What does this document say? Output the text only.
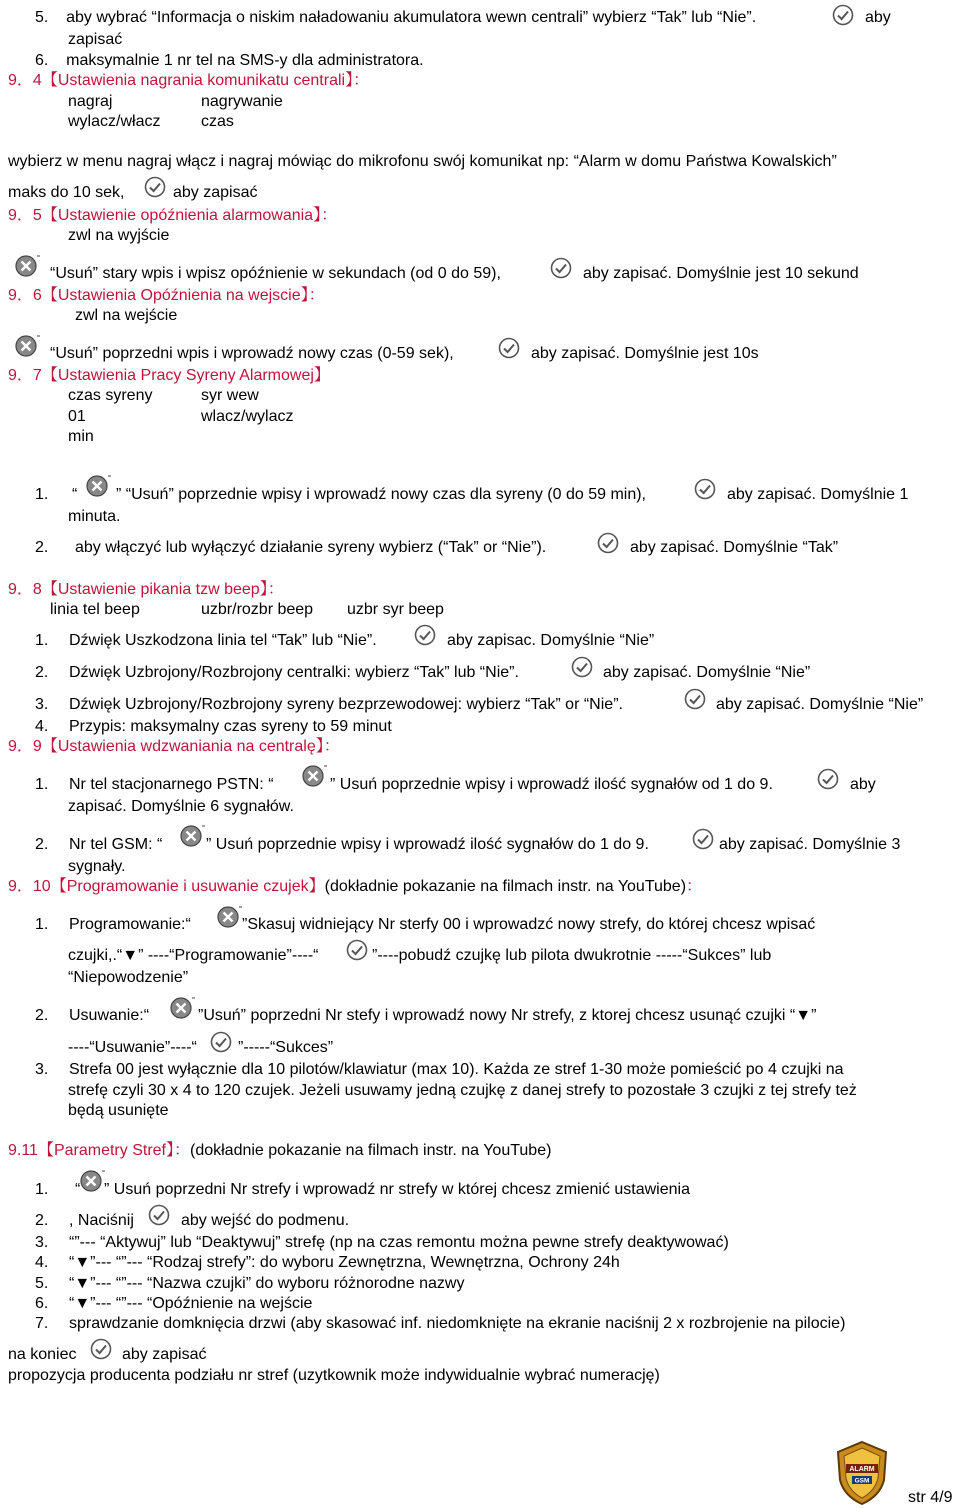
5. aby wybrać “Informacja o niskim naładowaniu akumulatora wewn centrali” wybierz “Tak” lub “Nie”.	aby
zapisać
6. maksymalnie 1 nr tel na SMS-y dla administratora.
9．4【Ustawienia nagrania komunikatu centrali】：
nagraj	nagrywanie
wylacz/włacz	czas
wybierz w menu nagraj włącz i nagraj mówiąc do mikrofonu swój komunikat np: “Alarm w domu Państwa Kowalskich”
maks do 10 sek,	aby zapisać
9．5【Ustawienie opóźnienia alarmowania】：
zwl na wyjście
“Usuń” stary wpis i wpisz opóźnienie w sekundach (od 0 do 59),	aby zapisać. Domyślnie jest 10 sekund
9．6【Ustawienia Opóźnienia na wejscie】：
zwl na wejście
“Usuń” poprzedni wpis i wprowadź nowy czas (0-59 sek),	aby zapisać. Domyślnie jest 10s
9．7【Ustawienia Pracy Syreny Alarmowej】
czas syreny	syr wew
01	wlacz/wylacz
min
1. “ ” “Usuń” poprzednie wpisy i wprowadź nowy czas dla syreny (0 do 59 min),	aby zapisać. Domyślnie 1
minuta.
2. aby włączyć lub wyłączyć działanie syreny wybierz (“Tak” or “Nie”).	aby zapisać. Domyślnie “Tak”
9．8【Ustawienie pikania tzw beep】：
linia tel beep	uzbr/rozbr beep uzbr syr beep
1. Dźwięk Uszkodzona linia tel “Tak” lub “Nie”.	aby zapisac. Domyślnie “Nie”
2. Dźwięk Uzbrojony/Rozbrojony centralki: wybierz “Tak” lub “Nie”.	aby zapisać. Domyślnie “Nie”
3. Dźwięk Uzbrojony/Rozbrojony syreny bezprzewodowej: wybierz “Tak” or “Nie”.	aby zapisać. Domyślnie “Nie”
4. Przypis: maksymalny czas syreny to 59 minut
9．9【Ustawienia wdzwaniania na centralę】：
1. Nr tel stacjonarnego PSTN: “	” Usuń poprzednie wpisy i wprowadź ilość sygnałów od 1 do 9.	aby
zapisać. Domyślnie 6 sygnałów.
2. Nr tel GSM: “	” Usuń poprzednie wpisy i wprowadź ilość sygnałów do 1 do 9.	aby zapisać. Domyślnie 3
sygnały.
9．10【Programowanie i usuwanie czujek】(dokładnie pokazanie na filmach instr. na YouTube)：
1. Programowanie:“	”Skasuj widniejący Nr sterfy 00 i wprowadzć nowy strefy, do której chcesz wpisać
czujki,.“▼” ----“Programowanie”----“	”----pobudź czujkę lub pilota dwukrotnie -----“Sukces” lub
“Niepowodzenie”
2. Usuwanie:“	”Usuń” poprzedni Nr stefy i wprowadź nowy Nr strefy, z ktorej chcesz usunąć czujki “▼”
----“Usuwanie”----“	”-----“Sukces”
3. Strefa 00 jest wyłącznie dla 10 pilotów/klawiatur (max 10). Każda ze stref 1-30 może pomieścić po 4 czujki na
strefę czyli 30 x 4 to 120 czujek. Jeżeli usuwamy jedną czujkę z danej strefy to pozostałe 3 czujki z tej strefy też
będą usunięte
9.11【Parametry Stref】：(dokładnie pokazanie na filmach instr. na YouTube)
1. “ ” Usuń poprzedni Nr strefy i wprowadź nr strefy w której chcesz zmienić ustawienia
2. , Naciśnij	aby wejść do podmenu.
3. “”--- “Aktywuj” lub “Deaktywuj” strefę (np na czas remontu można pewne strefy deaktywować)
4. “▼”--- “”--- “Rodzaj strefy”: do wyboru Zewnętrzna, Wewnętrzna, Ochrony 24h
5. “▼”--- “”--- “Nazwa czujki” do wyboru różnorodne nazwy
6. “▼”--- “”--- “Opóźnienie na wejście
7. sprawdzanie domknięcia drzwi (aby skasować inf. niedomknięte na ekranie naciśnij 2 x rozbrojenie na pilocie)
na koniec	aby zapisać
propozycja producenta podziału nr stref (uzytkownik może indywidualnie wybrać numerację)
ALARM
GSM
str 4/9
